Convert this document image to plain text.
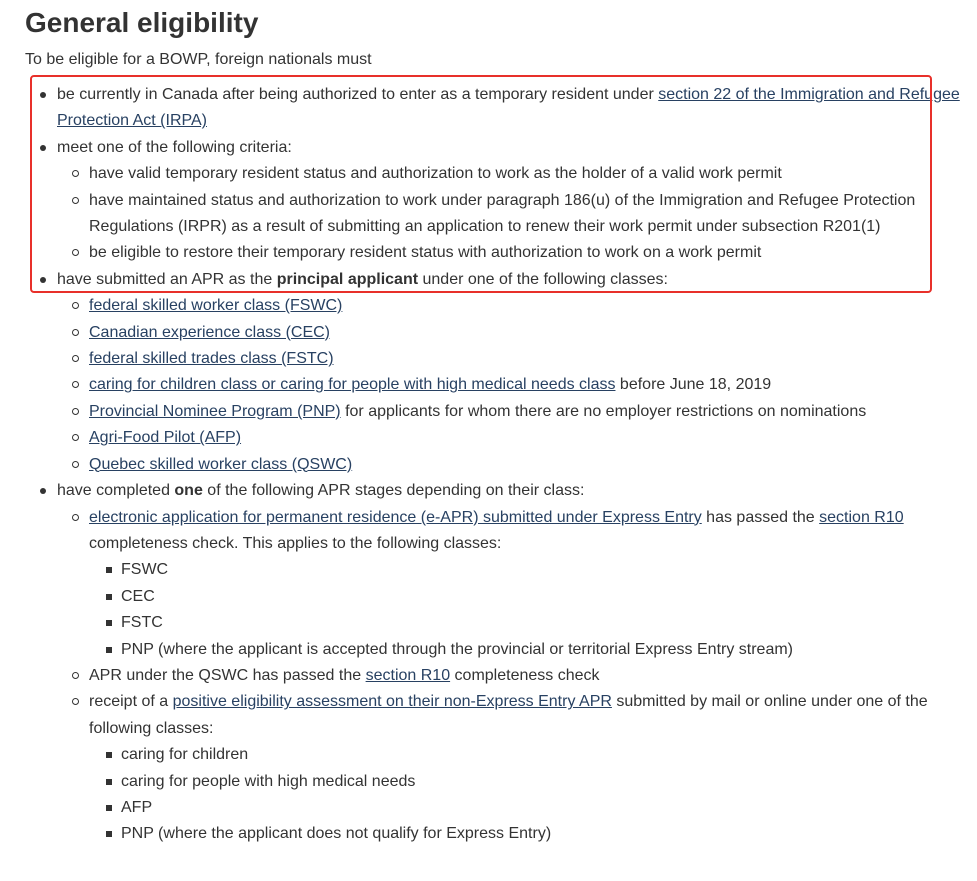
General eligibility

To be eligible for a BOWP, foreign nationals must

be currently in Canada after being authorized to enter as a temporary resident under section 22 of the Immigration and Refugee Protection Act (IRPA)
meet one of the following criteria:
have valid temporary resident status and authorization to work as the holder of a valid work permit
have maintained status and authorization to work under paragraph 186(u) of the Immigration and Refugee Protection Regulations (IRPR) as a result of submitting an application to renew their work permit under subsection R201(1)
be eligible to restore their temporary resident status with authorization to work on a work permit
have submitted an APR as the principal applicant under one of the following classes:
federal skilled worker class (FSWC)
Canadian experience class (CEC)
federal skilled trades class (FSTC)
caring for children class or caring for people with high medical needs class before June 18, 2019
Provincial Nominee Program (PNP) for applicants for whom there are no employer restrictions on nominations
Agri-Food Pilot (AFP)
Quebec skilled worker class (QSWC)
have completed one of the following APR stages depending on their class:
electronic application for permanent residence (e-APR) submitted under Express Entry has passed the section R10 completeness check. This applies to the following classes:
FSWC
CEC
FSTC
PNP (where the applicant is accepted through the provincial or territorial Express Entry stream)
APR under the QSWC has passed the section R10 completeness check
receipt of a positive eligibility assessment on their non-Express Entry APR submitted by mail or online under one of the following classes:
caring for children
caring for people with high medical needs
AFP
PNP (where the applicant does not qualify for Express Entry)
